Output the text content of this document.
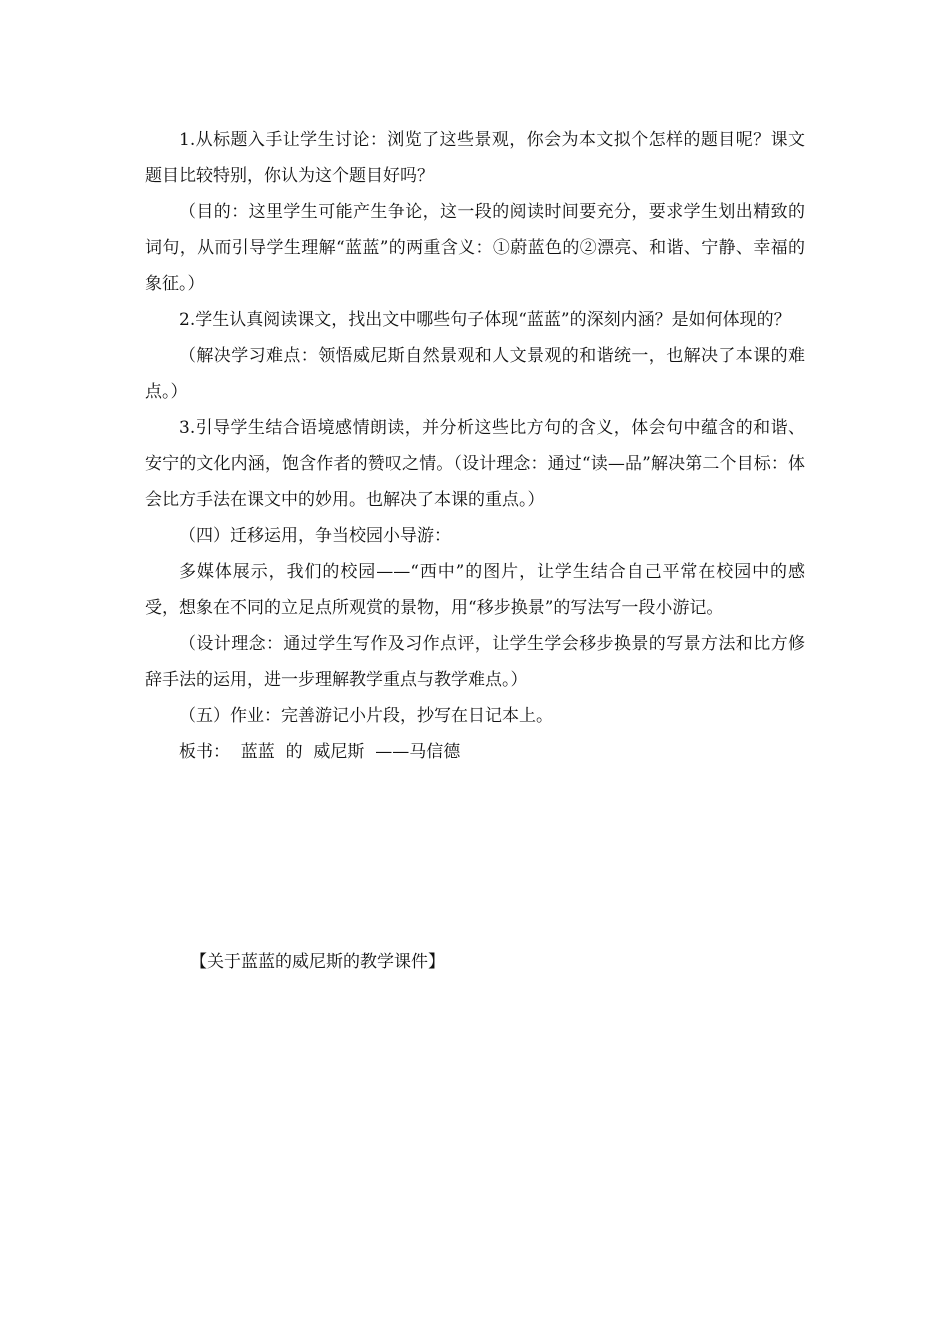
1.从标题入手让学生讨论：浏览了这些景观，你会为本文拟个怎样的题目呢？课文题目比较特别，你认为这个题目好吗？

（目的：这里学生可能产生争论，这一段的阅读时间要充分，要求学生划出精致的词句，从而引导学生理解“蓝蓝”的两重含义：①蔚蓝色的②漂亮、和谐、宁静、幸福的象征。）

2.学生认真阅读课文，找出文中哪些句子体现“蓝蓝”的深刻内涵？是如何体现的？

（解决学习难点：领悟威尼斯自然景观和人文景观的和谐统一，也解决了本课的难点。）

3.引导学生结合语境感情朗读，并分析这些比方句的含义，体会句中蕴含的和谐、安宁的文化内涵，饱含作者的赞叹之情。（设计理念：通过“读—品”解决第二个目标：体会比方手法在课文中的妙用。也解决了本课的重点。）

（四）迁移运用，争当校园小导游：

多媒体展示，我们的校园——“西中”的图片，让学生结合自己平常在校园中的感受，想象在不同的立足点所观赏的景物，用“移步换景”的写法写一段小游记。

（设计理念：通过学生写作及习作点评，让学生学会移步换景的写景方法和比方修辞手法的运用，进一步理解教学重点与教学难点。）

（五）作业：完善游记小片段，抄写在日记本上。

板书：  蓝蓝  的  威尼斯  ——马信德

【关于蓝蓝的威尼斯的教学课件】
